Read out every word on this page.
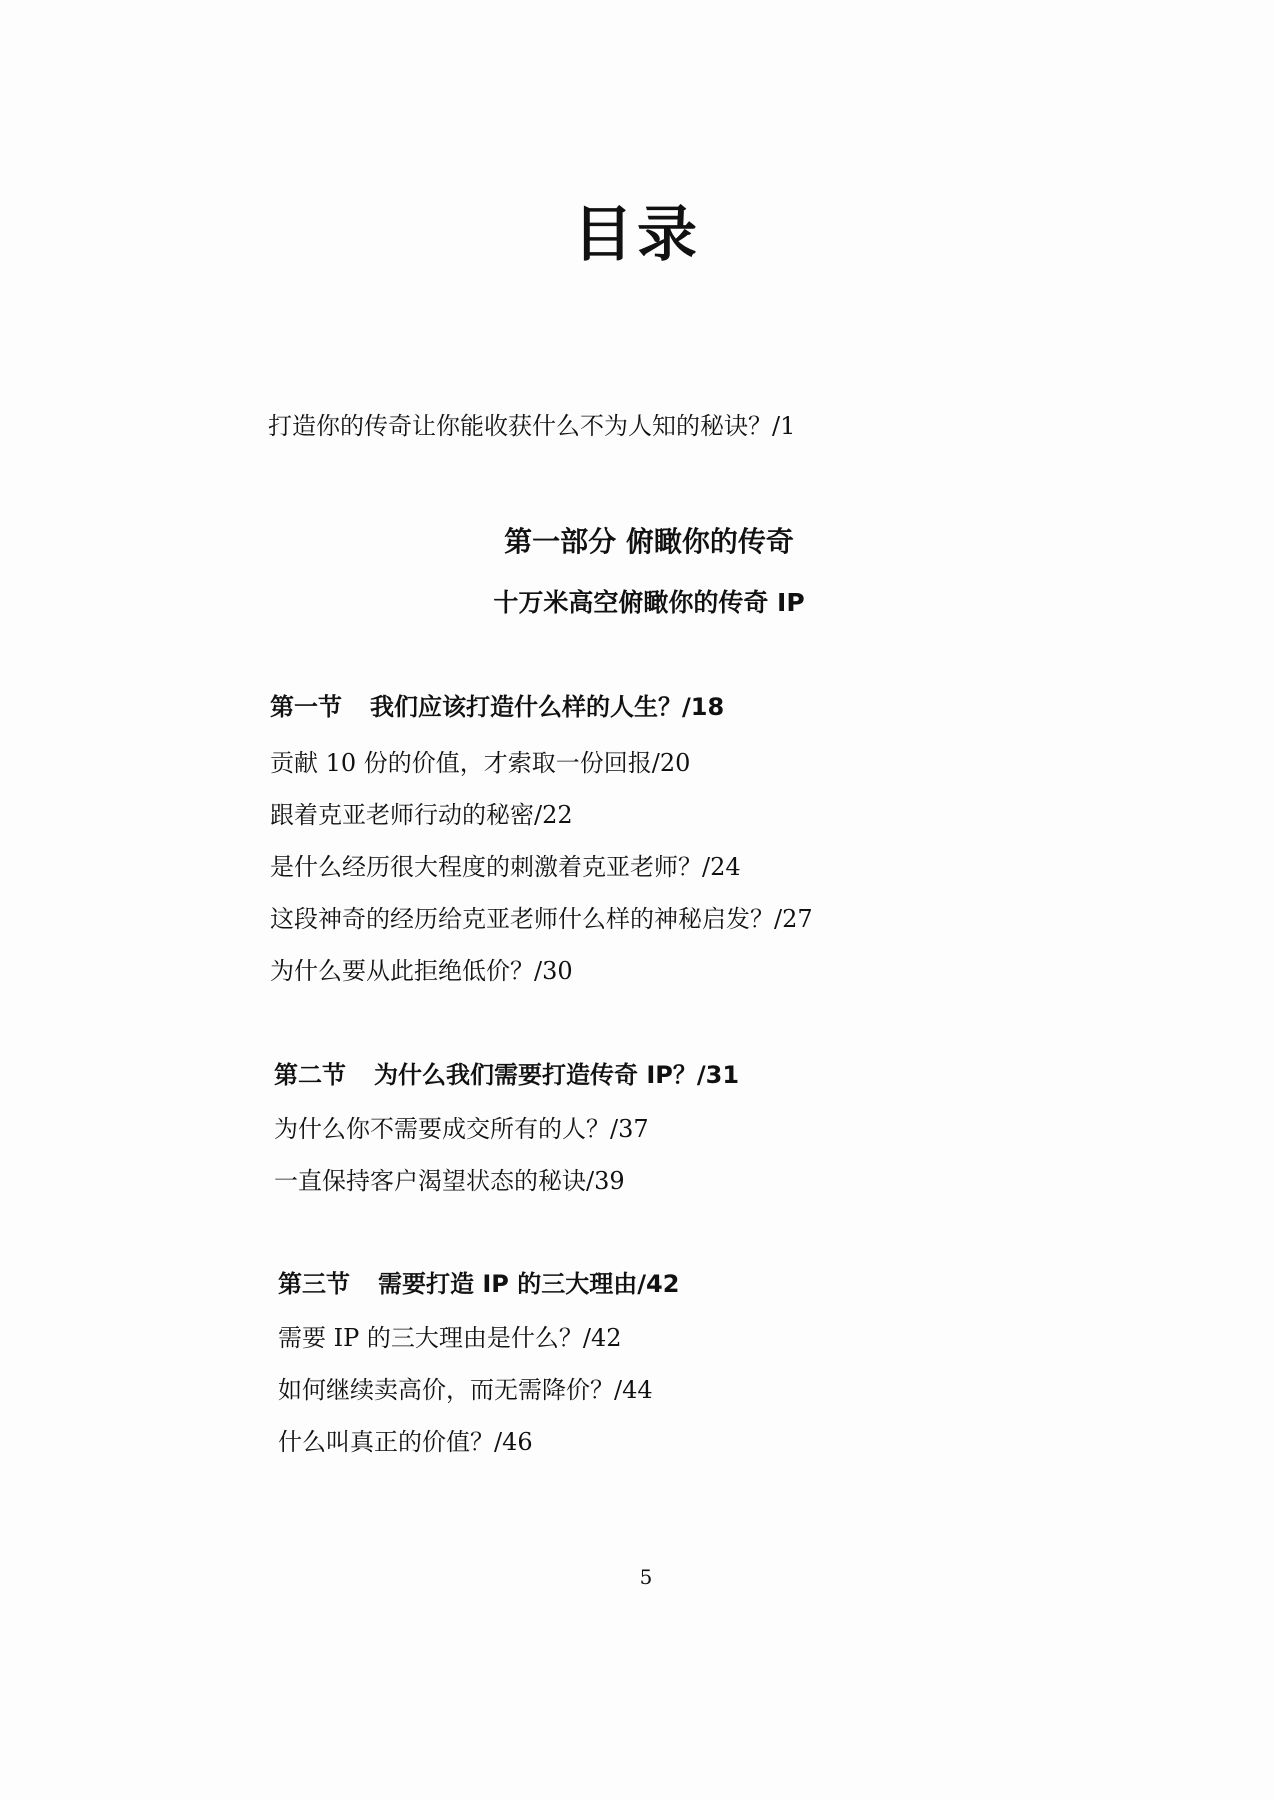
目录
打造你的传奇让你能收获什么不为人知的秘诀？/1
第一部分 俯瞰你的传奇
十万米高空俯瞰你的传奇 IP
第一节 我们应该打造什么样的人生？/18
贡献 10 份的价值，才索取一份回报/20
跟着克亚老师行动的秘密/22
是什么经历很大程度的刺激着克亚老师？/24
这段神奇的经历给克亚老师什么样的神秘启发？/27
为什么要从此拒绝低价？/30
第二节 为什么我们需要打造传奇 IP？/31
为什么你不需要成交所有的人？/37
一直保持客户渴望状态的秘诀/39
第三节 需要打造 IP 的三大理由/42
需要 IP 的三大理由是什么？/42
如何继续卖高价，而无需降价？/44
什么叫真正的价值？/46
5
